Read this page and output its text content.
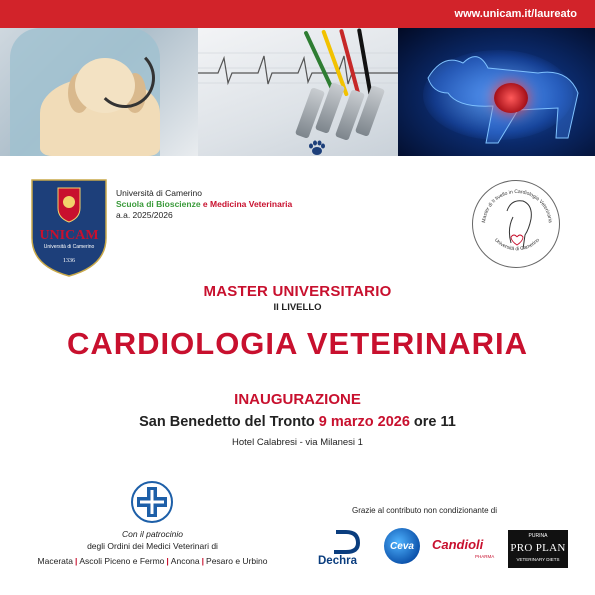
www.unicam.it/laureato
UNICAM
Università di Camerino
1336
Università di Camerino
Scuola di Bioscienze e Medicina Veterinaria
a.a. 2025/2026
Master di II livello in Cardiologia Veterinaria
Università di Camerino
MASTER UNIVERSITARIO
II LIVELLO
CARDIOLOGIA VETERINARIA
INAUGURAZIONE
San Benedetto del Tronto 9 marzo 2026 ore 11
Hotel Calabresi - via Milanesi 1
Con il patrocinio
degli Ordini dei Medici Veterinari di
Macerata | Ascoli Piceno e Fermo | Ancona | Pesaro e Urbino
Grazie al contributo non condizionante di
Dechra
Ceva	Candioli
PHARMA
PURINA
PRO PLAN
VETERINARY DIETS
